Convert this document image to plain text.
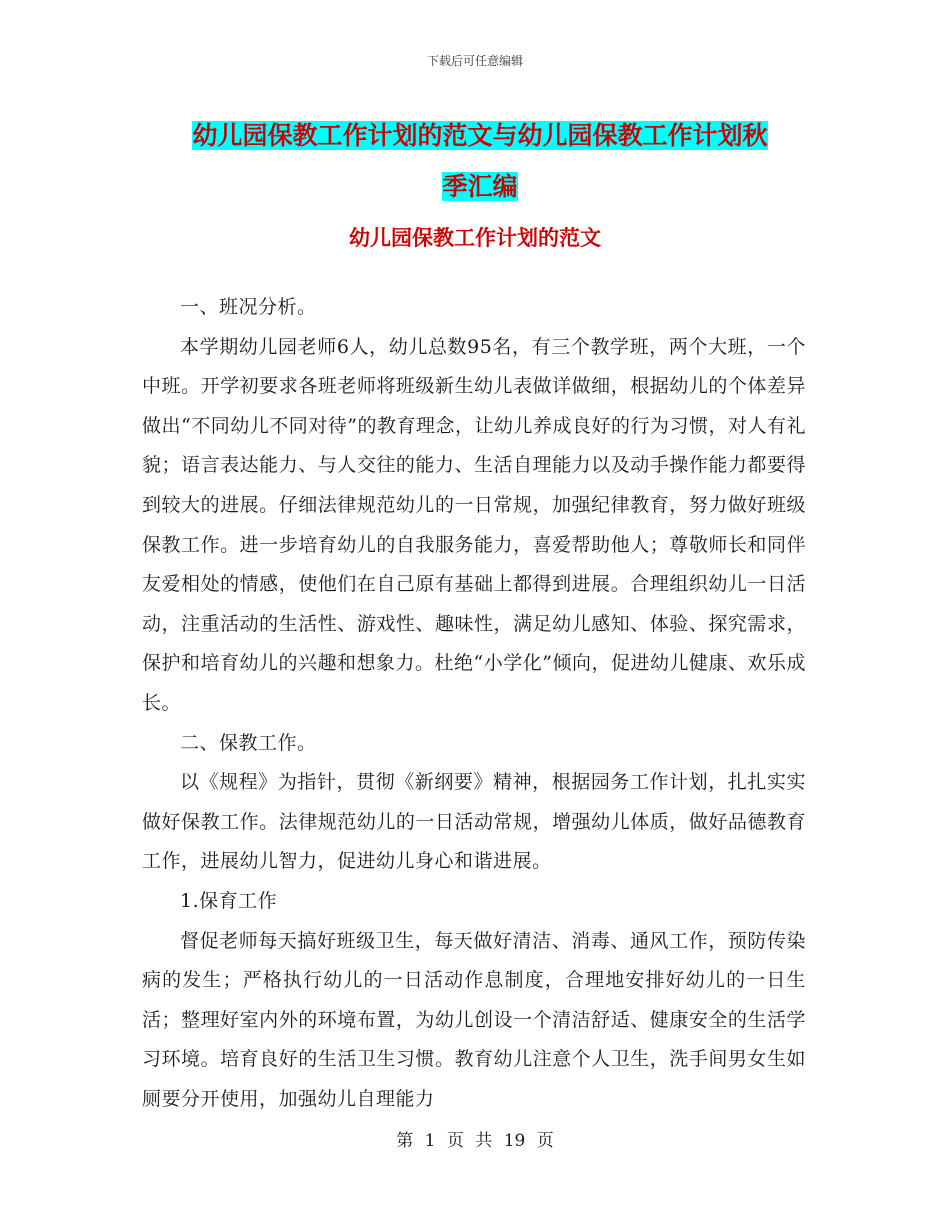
下载后可任意编辑
幼儿园保教工作计划的范文与幼儿园保教工作计划秋
季汇编
幼儿园保教工作计划的范文

一、班况分析。

本学期幼儿园老师6人，幼儿总数95名，有三个教学班，两个大班，一个中班。开学初要求各班老师将班级新生幼儿表做详做细，根据幼儿的个体差异做出“不同幼儿不同对待”的教育理念，让幼儿养成良好的行为习惯，对人有礼貌；语言表达能力、与人交往的能力、生活自理能力以及动手操作能力都要得到较大的进展。仔细法律规范幼儿的一日常规，加强纪律教育，努力做好班级保教工作。进一步培育幼儿的自我服务能力，喜爱帮助他人；尊敬师长和同伴友爱相处的情感，使他们在自己原有基础上都得到进展。合理组织幼儿一日活动，注重活动的生活性、游戏性、趣味性，满足幼儿感知、体验、探究需求，保护和培育幼儿的兴趣和想象力。杜绝“小学化”倾向，促进幼儿健康、欢乐成长。

二、保教工作。

以《规程》为指针，贯彻《新纲要》精神，根据园务工作计划，扎扎实实做好保教工作。法律规范幼儿的一日活动常规，增强幼儿体质，做好品德教育工作，进展幼儿智力，促进幼儿身心和谐进展。

1.保育工作

督促老师每天搞好班级卫生，每天做好清洁、消毒、通风工作，预防传染病的发生；严格执行幼儿的一日活动作息制度，合理地安排好幼儿的一日生活；整理好室内外的环境布置，为幼儿创设一个清洁舒适、健康安全的生活学习环境。培育良好的生活卫生习惯。教育幼儿注意个人卫生，洗手间男女生如厕要分开使用，加强幼儿自理能力

第 1 页 共 19 页
